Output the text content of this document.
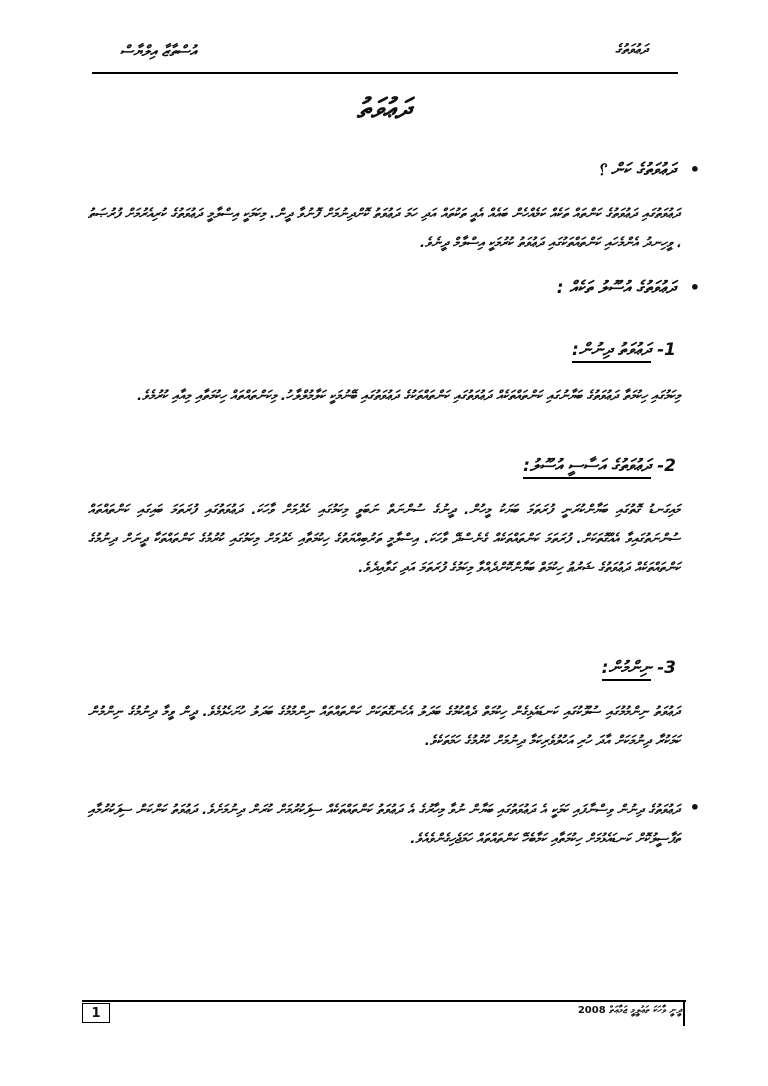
އުސްތާޒާ އިލްޔާސް	ދަޢުވަތުގެ
ދަޢުވަތު
•
ދަޢުވަތުގެ ކަން ؟
ދަޢުވަތުގައި ދަޢުވަތުގެ ކަންތައް ތަކެއް ކަމެއްހެން ބައެއް އެއީ ތަކުތައް އަދި ހަމަ ދަޢުވަތު ކޮށްދިނުމަށް ފޮނުވާ ދީން. މިކަމަކީ އިސްލާމީ ދަޢުވަތުގެ ކުރިއެރުމަށް ފުރުޞަތު ، ވީހިނދު އެންމެހައި ކަންތައްތަކުގައި ދަޢުވަތު ކުރުމަކީ އިސްލާމް ދީނެވެ.
•
ދަޢުވަތުގެ އުސޫލު ތަކެއް :
-1 ދަޢުވަތު ދިނުން:
މިކަމުގައި ހިކުމަތާ ދަޢުވަތުގެ ބަޔާނުގައި ކަންތައްތަކެއް ދަޢުވަތުގައި ކަންތައްތަކުގެ ދަޢުވަތުގައި ބޭނުމަކީ ކަލާމުލްލާހު. މިކަންތައްތައް ހިކުމަތާއި މިއާއި ކުރުމެވެ.
-2 ދަޢުވަތުގެ އަސާސީ އުސޫލު:
މައިގަނޑު ގޮތުގައި ބަޔާންކުރަނީ ފުރަތަމަ ބަޔަކު މީހުން. ދީނުގެ ސުންނަތް ނަބަވީ މިކަމުގައި ހެދުމަށް ވާހަކަ. ދަޢުވަތުގައި ފުރަތަމަ ބައިގައި ކަންތައްތައް ސުންނަތުގައިވާ އެއްގޮތަކަށް. ފުރަތަމަ ކަންތައްތަކެއް ގެނެސްދޭ ވާހަކަ. އިސްލާމީ ތަރުބިއްޔަތުގެ ހިކުމަތާއި ހެދުމަށް މިކަމުގައި ކުރުމުގެ ކަންތައްތަކާ ދީނަށް ދިނުމުގެ ކަންތައްތަކެއް ދަޢުވަތުގެ ޝަރުޠު ހިކުމަތް ބަޔާންކޮށްދެއްވާ މިކަމުގެ ފުރަތަމަ އަދި ގަވާއިދެވެ.
-3 ނިންމުން:
ދަޢުވަތު ނިންމުމުގައި ސުލޫކުގައި ކަނޑައެޅިގެން ހިކުމަތް ދެއްކުމުގެ ބަދަލު އެހެނގޮތަކަށް ކަންތައްތައް ނިންމުމުގެ ބަދަލު ހުށަހެޅުމެވެ. ދީން ވީމާ ދިނުމުގެ ނިންމުން ކަމަކުރާ ދިނުމަކަށް އާދަ ހުރި އަހުލުވެރިކަމާ ދިނުމަށް ކުރުމުގެ ހަމަތަކެވެ.
•
ދަޢުވަތުގެ ދިނުން ވިސްނާފައި ކަމަކީ އެ ދަޢުވަތުގައި ބަޔާން ނުވާ މިހާރުގެ އެ ދަޢުވަތު ކަންތައްތަކެއް ސިފަކުރުމަށް ކުރަން ދިނުމަށެވެ. ދަޢުވަތު ކަންކަން ސިފަކުރުމާއި ތަފާސީލުކޮށް ކަނޑައެޅުމަށް ހިކުމަތާއި ކަމާބެހޭ ކަންތައްތައް ހަމަޖެހިގެންވެއެވެ.
1	ދީނީ ވާހަކަ ތަޢުލީމީ ޖަމާޢަތް 2008
